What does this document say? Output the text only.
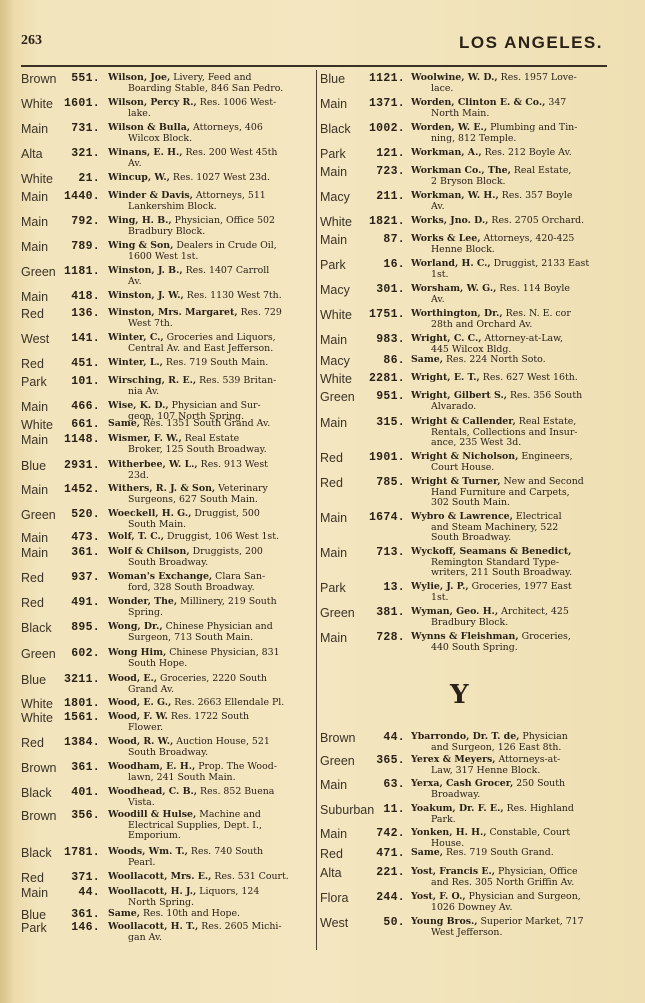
263	LOS ANGELES.
Brown	551. Wilson, Joe, Livery, Feed and
Boarding Stable, 846 San Pedro.
White 1601. Wilson, Percy R., Res. 1006 West-
lake.
Main	731. Wilson & Bulla, Attorneys, 406
Wilcox Block.
Alta	321. Winans, E. H., Res. 200 West 45th
Av.
White	21. Wincup, W., Res. 1027 West 23d.
Main	1440. Winder & Davis, Attorneys, 511
Lankershim Block.
Main	792. Wing, H. B., Physician, Office 502
Bradbury Block.
Main	789. Wing & Son, Dealers in Crude Oil,
1600 West 1st.
Green 1181. Winston, J. B., Res. 1407 Carroll
Av.
Main	418. Winston, J. W., Res. 1130 West 7th.
Red	136. Winston, Mrs. Margaret, Res. 729
West 7th.
West	141. Winter, C., Groceries and Liquors,
Central Av. and East Jefferson.
Red	451. Winter, L., Res. 719 South Main.
Park	101. Wirsching, R. E., Res. 539 Britan-
nia Av.
Main	466. Wise, K. D., Physician and Sur-
geon, 107 North Spring.
White	661. Same, Res. 1351 South Grand Av.
Main	1148. Wismer, F. W., Real Estate
Broker, 125 South Broadway.
Blue	2931. Witherbee, W. L., Res. 913 West
23d.
Main	1452. Withers, R. J. & Son, Veterinary
Surgeons, 627 South Main.
Green	520. Woeckell, H. G., Druggist, 500
South Main.
Main	473. Wolf, T. C., Druggist, 106 West 1st.
Main	361. Wolf & Chilson, Druggists, 200
South Broadway.
Red	937. Woman's Exchange, Clara San-
ford, 328 South Broadway.
Red	491. Wonder, The, Millinery, 219 South
Spring.
Black	895. Wong, Dr., Chinese Physician and
Surgeon, 713 South Main.
Green	602. Wong Him, Chinese Physician, 831
South Hope.
Blue	3211. Wood, E., Groceries, 2220 South
Grand Av.
White 1801. Wood, E. G., Res. 2663 Ellendale Pl.
White 1561. Wood, F. W. Res. 1722 South
Flower.
Red	1384. Wood, R. W., Auction House, 521
South Broadway.
Brown	361. Woodham, E. H., Prop. The Wood-
lawn, 241 South Main.
Black	401. Woodhead, C. B., Res. 852 Buena
Vista.
Brown	356. Woodill & Hulse, Machine and
Electrical Supplies, Dept. I.,
Emporium.
Black	1781. Woods, Wm. T., Res. 740 South
Pearl.
Red	371. Woollacott, Mrs. E., Res. 531 Court.
Main	44. Woollacott, H. J., Liquors, 124
North Spring.
Blue	361. Same, Res. 10th and Hope.
Park	146. Woollacott, H. T., Res. 2605 Michi-
gan Av.
Y
Blue	1121. Woolwine, W. D., Res. 1957 Love-
lace.
Main	1371. Worden, Clinton E. & Co., 347
North Main.
Black	1002. Worden, W. E., Plumbing and Tin-
ning, 812 Temple.
Park	121. Workman, A., Res. 212 Boyle Av.
Main	723. Workman Co., The, Real Estate,
2 Bryson Block.
Macy	211. Workman, W. H., Res. 357 Boyle
Av.
White	1821. Works, Jno. D., Res. 2705 Orchard.
Main	87. Works & Lee, Attorneys, 420-425
Henne Block.
Park	16. Worland, H. C., Druggist, 2133 East
1st.
Macy	301. Worsham, W. G., Res. 114 Boyle
Av.
White	1751. Worthington, Dr., Res. N. E. cor
28th and Orchard Av.
Main	983. Wright, C. C., Attorney-at-Law,
445 Wilcox Bldg.
Macy	86. Same, Res. 224 North Soto.
White	2281. Wright, E. T., Res. 627 West 16th.
Green	951. Wright, Gilbert S., Res. 356 South
Alvarado.
Main	315. Wright & Callender, Real Estate,
Rentals, Collections and Insur-
ance, 235 West 3d.
Red	1901. Wright & Nicholson, Engineers,
Court House.
Red	785. Wright & Turner, New and Second
Hand Furniture and Carpets,
302 South Main.
Main	1674. Wybro & Lawrence, Electrical
and Steam Machinery, 522
South Broadway.
Main	713. Wyckoff, Seamans & Benedict,
Remington Standard Type-
writers, 211 South Broadway.
Park	13. Wylie, J. P., Groceries, 1977 East
1st.
Green	381. Wyman, Geo. H., Architect, 425
Bradbury Block.
Main	728. Wynns & Fleishman, Groceries,
440 South Spring.
Brown	44. Ybarrondo, Dr. T. de, Physician
and Surgeon, 126 East 8th.
Green	365. Yerex & Meyers, Attorneys-at-
Law, 317 Henne Block.
Main	63. Yerxa, Cash Grocer, 250 South
Broadway.
Suburban 11. Yoakum, Dr. F. E., Res. Highland
Park.
Main	742. Yonken, H. H., Constable, Court
House.
Red	471. Same, Res. 719 South Grand.
Alta	221. Yost, Francis E., Physician, Office
and Res. 305 North Griffin Av.
Flora	244. Yost, F. O., Physician and Surgeon,
1026 Downey Av.
West	50. Young Bros., Superior Market, 717
West Jefferson.
